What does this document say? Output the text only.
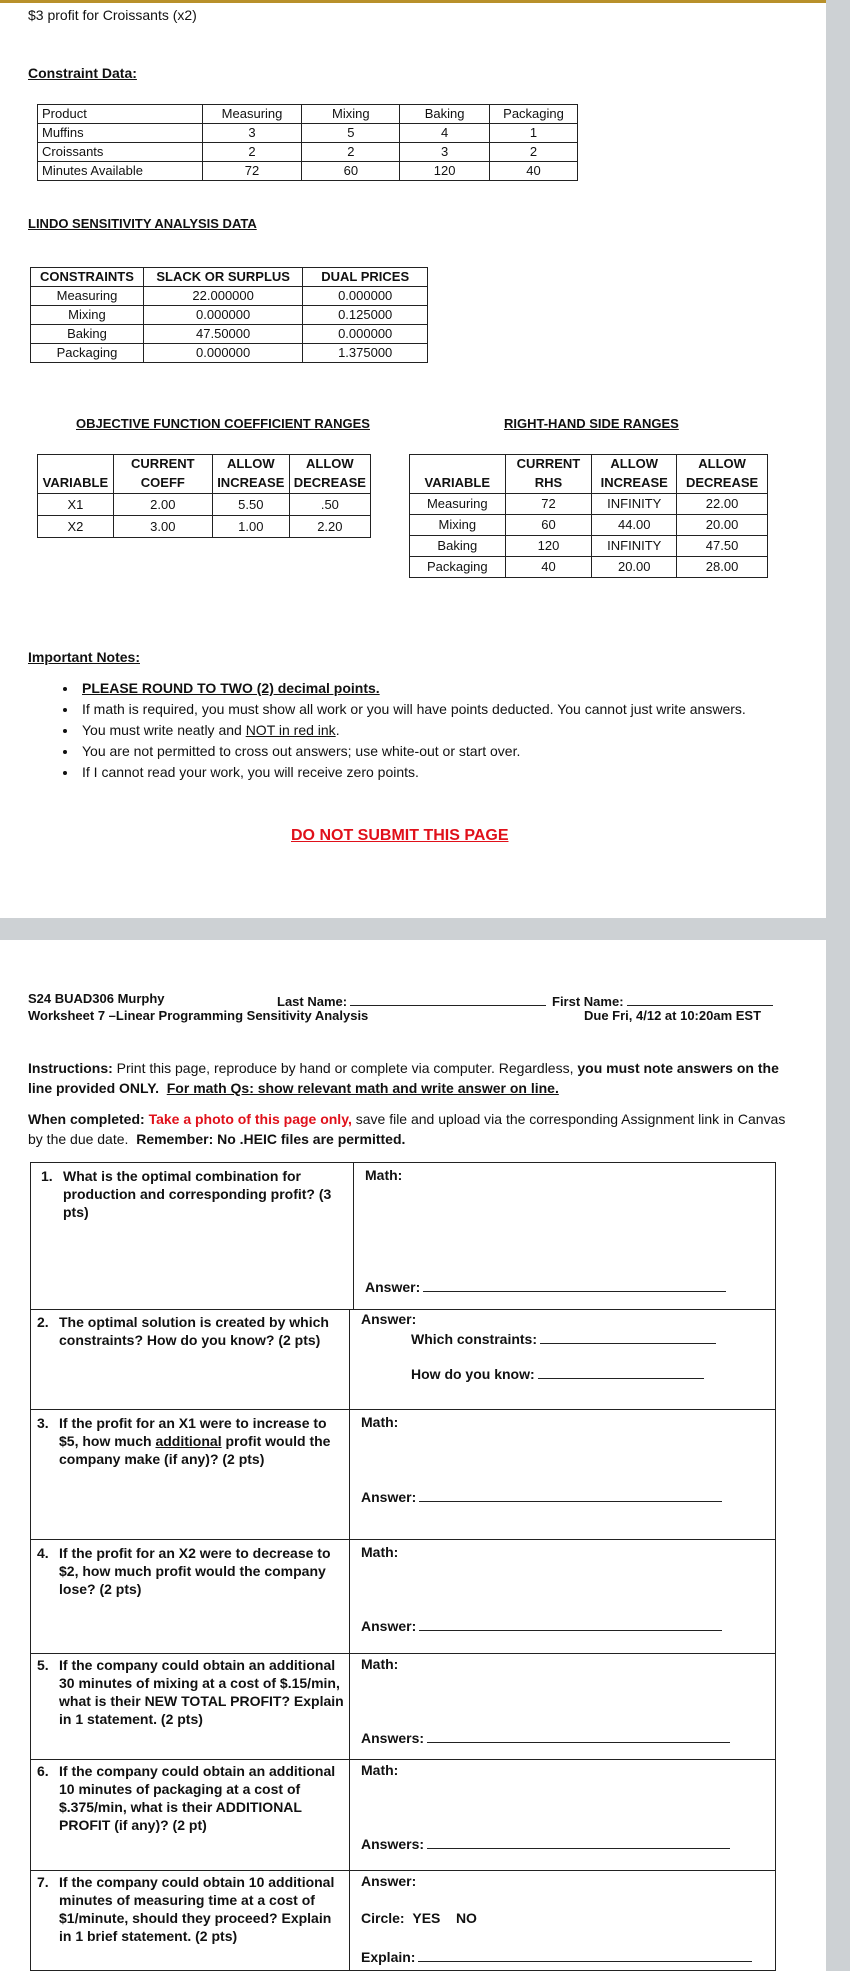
$3 profit for Croissants (x2)
Constraint Data:
Product	Measuring	Mixing	Baking	Packaging
Muffins	3	5	4	1
Croissants	2	2	3	2
Minutes Available	72	60	120	40
LINDO SENSITIVITY ANALYSIS DATA
CONSTRAINTS	SLACK OR SURPLUS	DUAL PRICES
Measuring	22.000000	0.000000
Mixing	0.000000	0.125000
Baking	47.50000	0.000000
Packaging	0.000000	1.375000
OBJECTIVE FUNCTION COEFFICIENT RANGES	RIGHT-HAND SIDE RANGES
	CURRENT	ALLOW	ALLOW
VARIABLE	COEFF	INCREASE	DECREASE
X1	2.00	5.50	.50
X2	3.00	1.00	2.20
	CURRENT	ALLOW	ALLOW
VARIABLE	RHS	INCREASE	DECREASE
Measuring	72	INFINITY	22.00
Mixing	60	44.00	20.00
Baking	120	INFINITY	47.50
Packaging	40	20.00	28.00
Important Notes:
• PLEASE ROUND TO TWO (2) decimal points.
• If math is required, you must show all work or you will have points deducted. You cannot just write answers.
• You must write neatly and NOT in red ink.
• You are not permitted to cross out answers; use white-out or start over.
• If I cannot read your work, you will receive zero points.
DO NOT SUBMIT THIS PAGE
S24 BUAD306 Murphy	Last Name:	First Name:
Worksheet 7 –Linear Programming Sensitivity Analysis	Due Fri, 4/12 at 10:20am EST
Instructions: Print this page, reproduce by hand or complete via computer. Regardless, you must note answers on the
line provided ONLY. For math Qs: show relevant math and write answer on line.
When completed: Take a photo of this page only, save file and upload via the corresponding Assignment link in Canvas
by the due date. Remember: No .HEIC files are permitted.
1. What is the optimal combination for production and corresponding profit? (3 pts)
Math:
Answer:
2. The optimal solution is created by which constraints? How do you know? (2 pts)
Answer:
Which constraints:
How do you know:
3. If the profit for an X1 were to increase to $5, how much additional profit would the company make (if any)? (2 pts)
Math:
Answer:
4. If the profit for an X2 were to decrease to $2, how much profit would the company lose? (2 pts)
Math:
Answer:
5. If the company could obtain an additional 30 minutes of mixing at a cost of $.15/min, what is their NEW TOTAL PROFIT? Explain in 1 statement. (2 pts)
Math:
Answers:
6. If the company could obtain an additional 10 minutes of packaging at a cost of $.375/min, what is their ADDITIONAL PROFIT (if any)? (2 pt)
Math:
Answers:
7. If the company could obtain 10 additional minutes of measuring time at a cost of $1/minute, should they proceed? Explain in 1 brief statement. (2 pts)
Answer:
Circle: YES NO
Explain:
